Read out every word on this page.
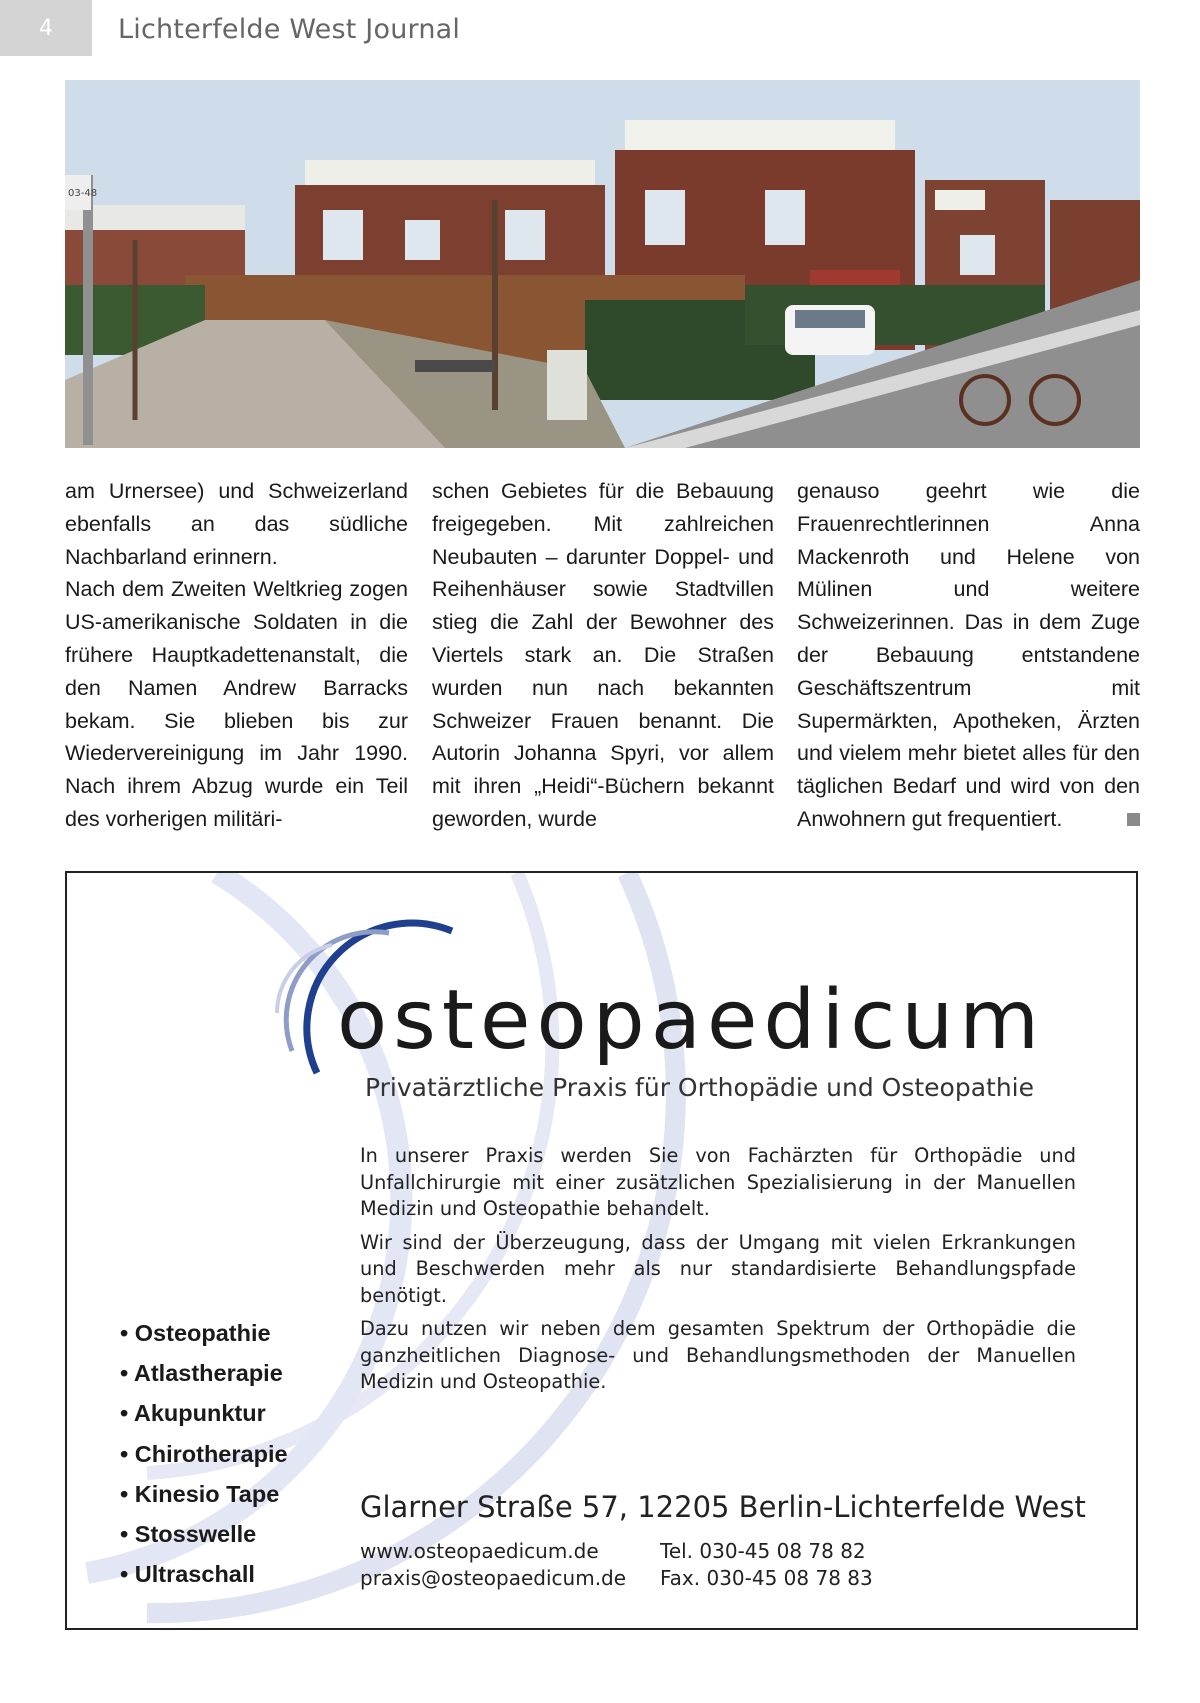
4	Lichterfelde West Journal
03-48

am Urnersee) und Schweizerland ebenfalls an das südliche Nachbarland erinnern.

Nach dem Zweiten Weltkrieg zogen US-amerikanische Soldaten in die frühere Hauptkadettenanstalt, die den Namen Andrew Barracks bekam. Sie blieben bis zur Wiedervereinigung im Jahr 1990. Nach ihrem Abzug wurde ein Teil des vorherigen militäri-

schen Gebietes für die Bebauung freigegeben. Mit zahlreichen Neubauten – darunter Doppel- und Reihenhäuser sowie Stadtvillen stieg die Zahl der Bewohner des Viertels stark an. Die Straßen wurden nun nach bekannten Schweizer Frauen benannt. Die Autorin Johanna Spyri, vor allem mit ihren „Heidi“-Büchern bekannt geworden, wurde

genauso geehrt wie die Frauenrechtlerinnen Anna Mackenroth und Helene von Mülinen und weitere Schweizerinnen. Das in dem Zuge der Bebauung entstandene Geschäftszentrum mit Supermärkten, Apotheken, Ärzten und vielem mehr bietet alles für den täglichen Bedarf und wird von den Anwohnern gut frequentiert.

osteopaedicum
Privatärztliche Praxis für Orthopädie und Osteopathie

In unserer Praxis werden Sie von Fachärzten für Orthopädie und Unfallchirurgie mit einer zusätzlichen Spezialisierung in der Manuellen Medizin und Osteopathie behandelt.

Wir sind der Überzeugung, dass der Umgang mit vielen Erkrankungen und Beschwerden mehr als nur standardisierte Behandlungspfade benötigt.

Dazu nutzen wir neben dem gesamten Spektrum der Orthopädie die ganzheitlichen Diagnose- und Behandlungsmethoden der Manuellen Medizin und Osteopathie.

• Osteopathie
• Atlastherapie
• Akupunktur
• Chirotherapie
• Kinesio Tape
• Stosswelle
• Ultraschall
Glarner Straße 57, 12205 Berlin-Lichterfelde West
www.osteopaedicum.de	Tel. 030-45 08 78 82
praxis@osteopaedicum.de	Fax. 030-45 08 78 83
